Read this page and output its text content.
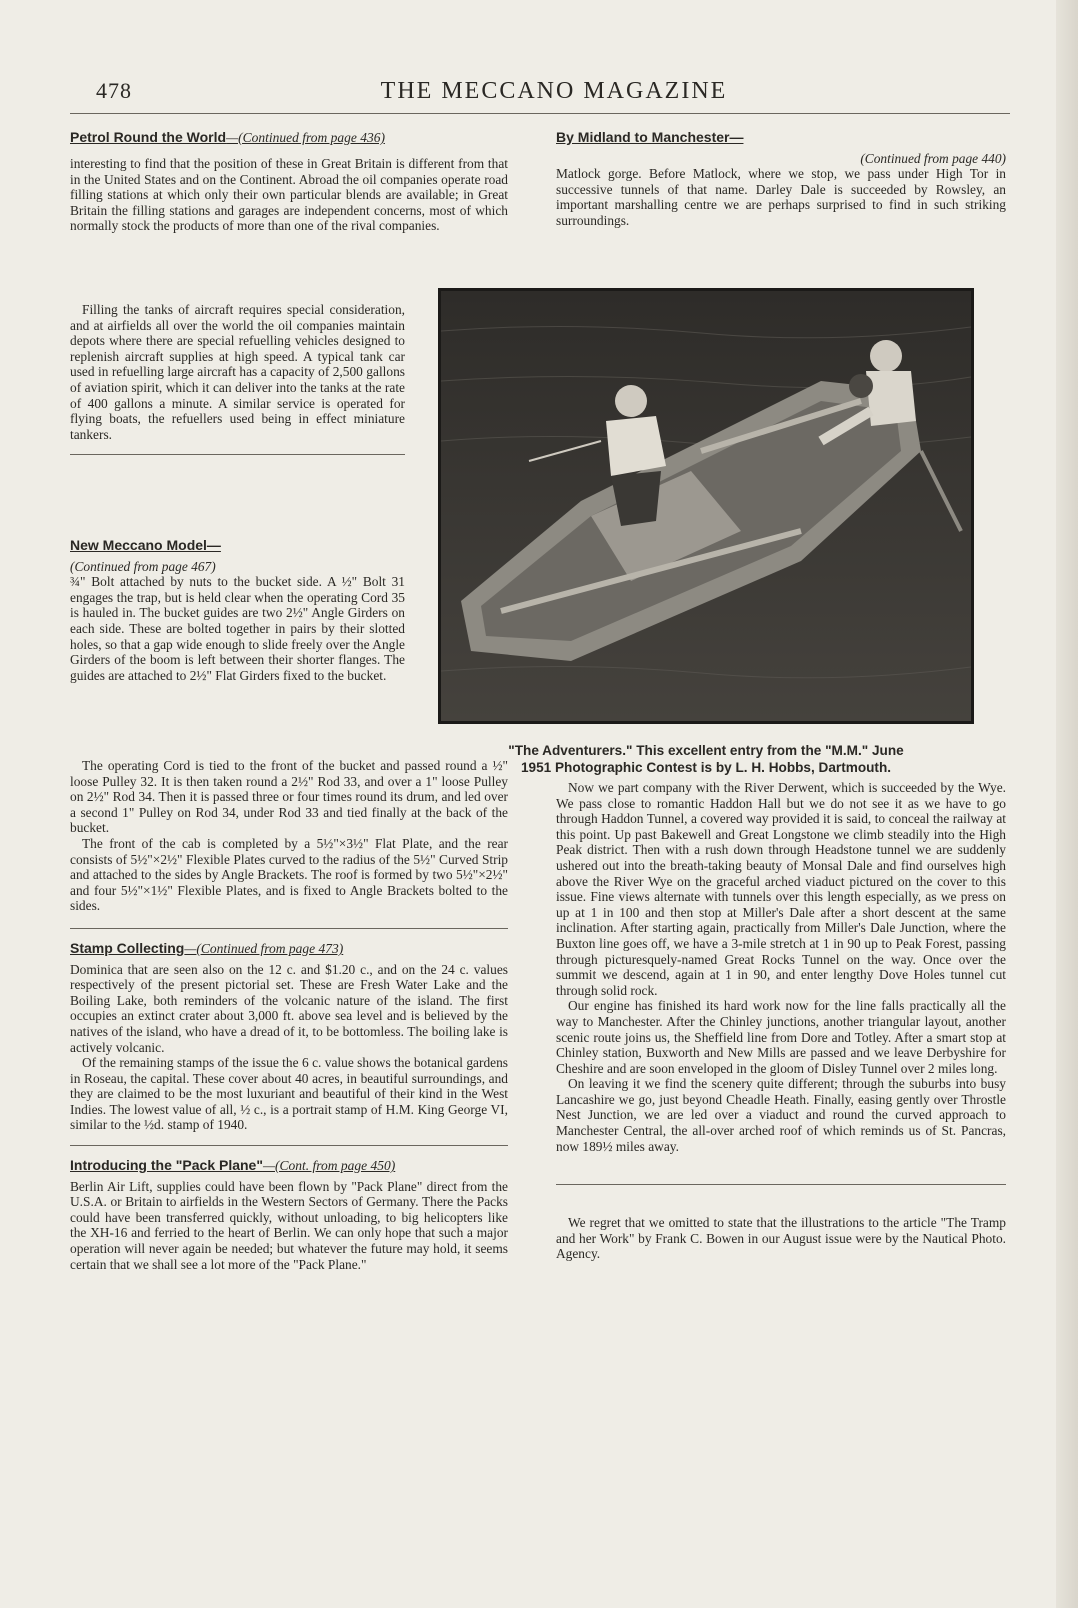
478	THE MECCANO MAGAZINE
Petrol Round the World—(Continued from page 436)

interesting to find that the position of these in Great Britain is different from that in the United States and on the Continent. Abroad the oil companies operate road filling stations at which only their own particular blends are available; in Great Britain the filling stations and garages are independent concerns, most of which normally stock the products of more than one of the rival companies.

Filling the tanks of aircraft requires special consideration, and at airfields all over the world the oil companies maintain depots where there are special refuelling vehicles designed to replenish aircraft supplies at high speed. A typical tank car used in refuelling large aircraft has a capacity of 2,500 gallons of aviation spirit, which it can deliver into the tanks at the rate of 400 gallons a minute. A similar service is operated for flying boats, the refuellers used being in effect miniature tankers.

New Meccano Model—

(Continued from page 467)

¾" Bolt attached by nuts to the bucket side. A ½" Bolt 31 engages the trap, but is held clear when the operating Cord 35 is hauled in. The bucket guides are two 2½" Angle Girders on each side. These are bolted together in pairs by their slotted holes, so that a gap wide enough to slide freely over the Angle Girders of the boom is left between their shorter flanges. The guides are attached to 2½" Flat Girders fixed to the bucket.

The operating Cord is tied to the front of the bucket and passed round a ½" loose Pulley 32. It is then taken round a 2½" Rod 33, and over a 1" loose Pulley on 2½" Rod 34. Then it is passed three or four times round its drum, and led over a second 1" Pulley on Rod 34, under Rod 33 and tied finally at the back of the bucket.

The front of the cab is completed by a 5½"×3½" Flat Plate, and the rear consists of 5½"×2½" Flexible Plates curved to the radius of the 5½" Curved Strip and attached to the sides by Angle Brackets. The roof is formed by two 5½"×2½" and four 5½"×1½" Flexible Plates, and is fixed to Angle Brackets bolted to the sides.

Stamp Collecting—(Continued from page 473)

Dominica that are seen also on the 12 c. and $1.20 c., and on the 24 c. values respectively of the present pictorial set. These are Fresh Water Lake and the Boiling Lake, both reminders of the volcanic nature of the island. The first occupies an extinct crater about 3,000 ft. above sea level and is believed by the natives of the island, who have a dread of it, to be bottomless. The boiling lake is actively volcanic.

Of the remaining stamps of the issue the 6 c. value shows the botanical gardens in Roseau, the capital. These cover about 40 acres, in beautiful surroundings, and they are claimed to be the most luxuriant and beautiful of their kind in the West Indies. The lowest value of all, ½ c., is a portrait stamp of H.M. King George VI, similar to the ½d. stamp of 1940.

Introducing the "Pack Plane"—(Cont. from page 450)

Berlin Air Lift, supplies could have been flown by "Pack Plane" direct from the U.S.A. or Britain to airfields in the Western Sectors of Germany. There the Packs could have been transferred quickly, without unloading, to big helicopters like the XH-16 and ferried to the heart of Berlin. We can only hope that such a major operation will never again be needed; but whatever the future may hold, it seems certain that we shall see a lot more of the "Pack Plane."

By Midland to Manchester—

(Continued from page 440)

Matlock gorge. Before Matlock, where we stop, we pass under High Tor in successive tunnels of that name. Darley Dale is succeeded by Rowsley, an important marshalling centre we are perhaps surprised to find in such striking surroundings.

"The Adventurers." This excellent entry from the "M.M." June
1951 Photographic Contest is by L. H. Hobbs, Dartmouth.

Now we part company with the River Derwent, which is succeeded by the Wye. We pass close to romantic Haddon Hall but we do not see it as we have to go through Haddon Tunnel, a covered way provided it is said, to conceal the railway at this point. Up past Bakewell and Great Longstone we climb steadily into the High Peak district. Then with a rush down through Headstone tunnel we are suddenly ushered out into the breath-taking beauty of Monsal Dale and find ourselves high above the River Wye on the graceful arched viaduct pictured on the cover to this issue. Fine views alternate with tunnels over this length especially, as we press on up at 1 in 100 and then stop at Miller's Dale after a short descent at the same inclination. After starting again, practically from Miller's Dale Junction, where the Buxton line goes off, we have a 3-mile stretch at 1 in 90 up to Peak Forest, passing through picturesquely-named Great Rocks Tunnel on the way. Once over the summit we descend, again at 1 in 90, and enter lengthy Dove Holes tunnel cut through solid rock.

Our engine has finished its hard work now for the line falls practically all the way to Manchester. After the Chinley junctions, another triangular layout, another scenic route joins us, the Sheffield line from Dore and Totley. After a smart stop at Chinley station, Buxworth and New Mills are passed and we leave Derbyshire for Cheshire and are soon enveloped in the gloom of Disley Tunnel over 2 miles long.

On leaving it we find the scenery quite different; through the suburbs into busy Lancashire we go, just beyond Cheadle Heath. Finally, easing gently over Throstle Nest Junction, we are led over a viaduct and round the curved approach to Manchester Central, the all-over arched roof of which reminds us of St. Pancras, now 189½ miles away.

We regret that we omitted to state that the illustrations to the article "The Tramp and her Work" by Frank C. Bowen in our August issue were by the Nautical Photo. Agency.
